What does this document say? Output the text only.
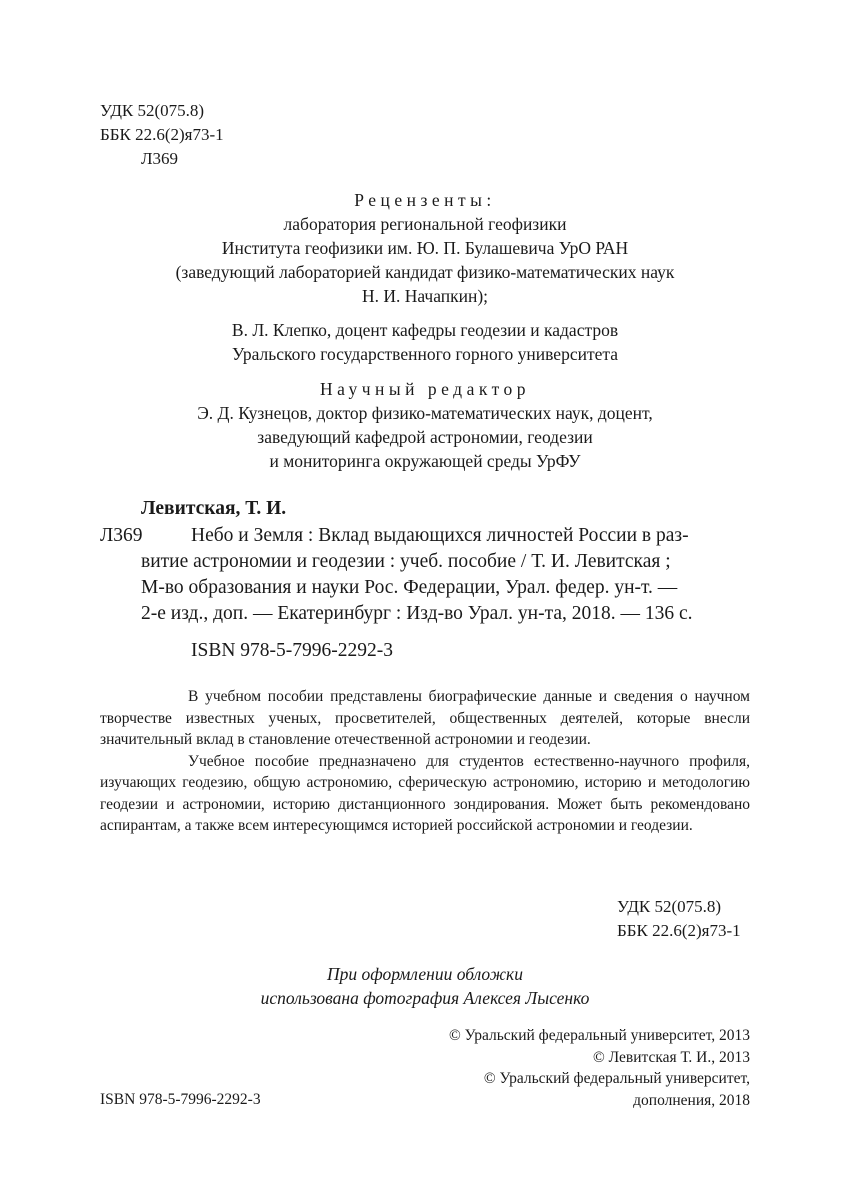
УДК 52(075.8)
ББК 22.6(2)я73-1
Л369
Рецензенты:
лаборатория региональной геофизики
Института геофизики им. Ю. П. Булашевича УрО РАН
(заведующий лабораторией кандидат физико-математических наук
Н. И. Начапкин);
В. Л. Клепко, доцент кафедры геодезии и кадастров
Уральского государственного горного университета
Научный редактор
Э. Д. Кузнецов, доктор физико-математических наук, доцент,
заведующий кафедрой астрономии, геодезии
и мониторинга окружающей среды УрФУ
Левитская, Т. И.
Л369 Небо и Земля : Вклад выдающихся личностей России в раз-
витие астрономии и геодезии : учеб. пособие / Т. И. Левитская ;
М-во образования и науки Рос. Федерации, Урал. федер. ун-т. —
2-е изд., доп. — Екатеринбург : Изд-во Урал. ун-та, 2018. — 136 с.
ISBN 978-5-7996-2292-3

В учебном пособии представлены биографические данные и сведения о научном творчестве известных ученых, просветителей, общественных деятелей, которые внесли значительный вклад в становление отечественной астрономии и геодезии.

Учебное пособие предназначено для студентов естественно-научного профиля, изучающих геодезию, общую астрономию, сферическую астрономию, историю и методологию геодезии и астрономии, историю дистанционного зондирования. Может быть рекомендовано аспирантам, а также всем интересующимся историей российской астрономии и геодезии.

УДК 52(075.8)
ББК 22.6(2)я73-1
При оформлении обложки
использована фотография Алексея Лысенко
ISBN 978-5-7996-2292-3
© Уральский федеральный университет, 2013
© Левитская Т. И., 2013
© Уральский федеральный университет,
дополнения, 2018
